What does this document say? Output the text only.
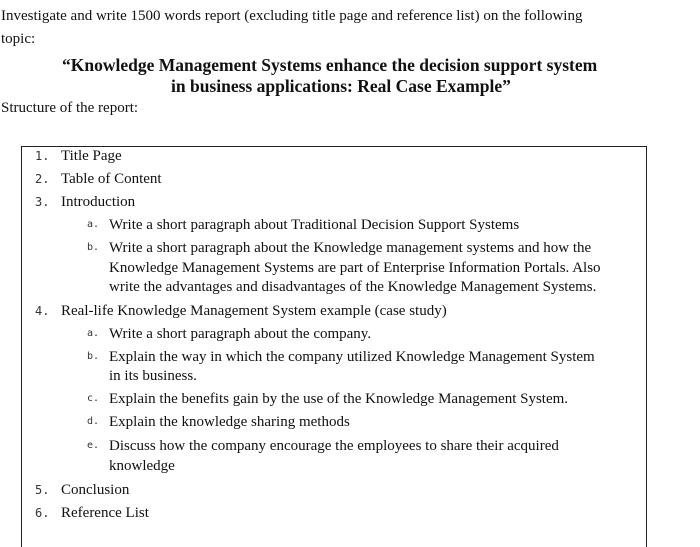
Investigate and write 1500 words report (excluding title page and reference list) on the following

topic:

“Knowledge Management Systems enhance the decision support system

in business applications: Real Case Example”

Structure of the report:

1. Title Page
2. Table of Content
3. Introduction
a. Write a short paragraph about Traditional Decision Support Systems
b. Write a short paragraph about the Knowledge management systems and how the
Knowledge Management Systems are part of Enterprise Information Portals. Also
write the advantages and disadvantages of the Knowledge Management Systems.
4. Real-life Knowledge Management System example (case study)
a. Write a short paragraph about the company.
b. Explain the way in which the company utilized Knowledge Management System
in its business.
c. Explain the benefits gain by the use of the Knowledge Management System.
d. Explain the knowledge sharing methods
e. Discuss how the company encourage the employees to share their acquired
knowledge
5. Conclusion
6. Reference List
